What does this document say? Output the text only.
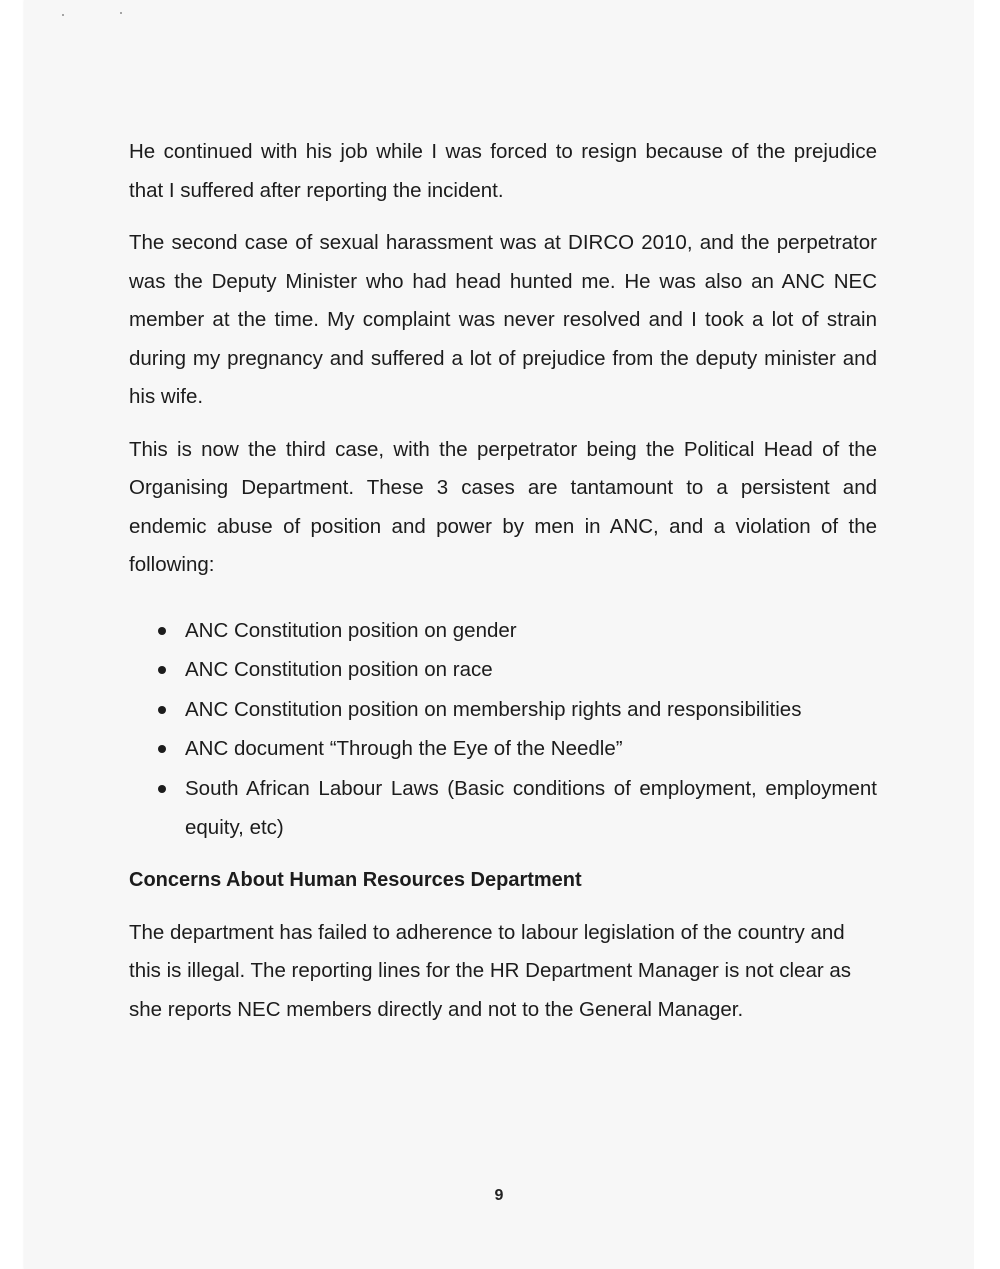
He continued with his job while I was forced to resign because of the prejudice that I suffered after reporting the incident.

The second case of sexual harassment was at DIRCO 2010, and the perpetrator was the Deputy Minister who had head hunted me. He was also an ANC NEC member at the time. My complaint was never resolved and I took a lot of strain during my pregnancy and suffered a lot of prejudice from the deputy minister and his wife.

This is now the third case, with the perpetrator being the Political Head of the Organising Department. These 3 cases are tantamount to a persistent and endemic abuse of position and power by men in ANC, and a violation of the following:

ANC Constitution position on gender
ANC Constitution position on race
ANC Constitution position on membership rights and responsibilities
ANC document “Through the Eye of the Needle”
South African Labour Laws (Basic conditions of employment, employment equity, etc)
Concerns About Human Resources Department

The department has failed to adherence to labour legislation of the country and this is illegal. The reporting lines for the HR Department Manager is not clear as she reports NEC members directly and not to the General Manager.

9
